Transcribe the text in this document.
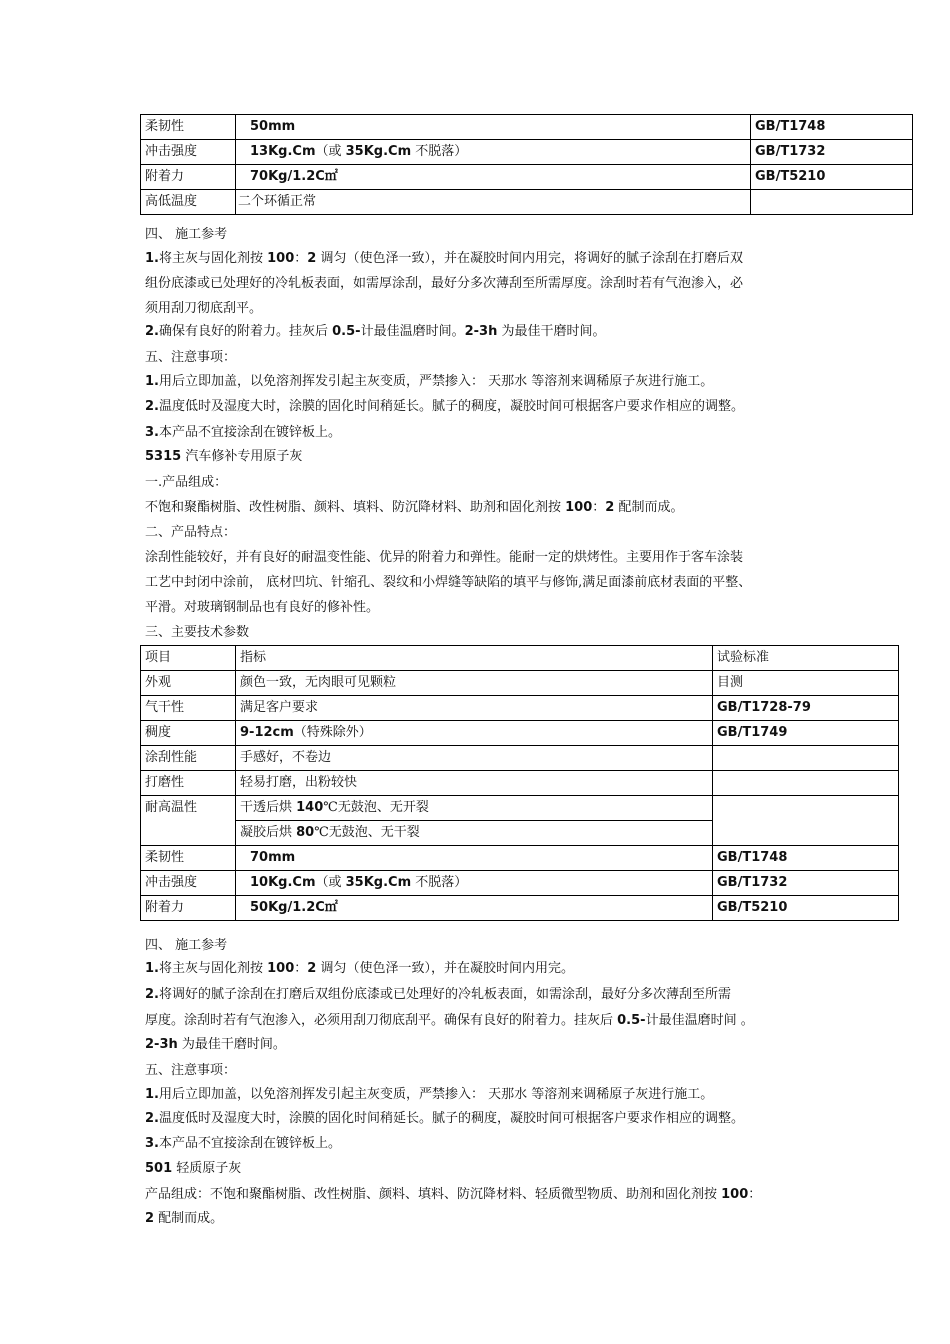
柔韧性	50mm	GB/T1748
冲击强度	13Kg.Cm（或 35Kg.Cm 不脱落）	GB/T1732
附着力	70Kg/1.2C㎡	GB/T5210
高低温度	二个环循正常	
四、 施工参考
1.将主灰与固化剂按 100：2 调匀（使色泽一致），并在凝胶时间内用完，将调好的腻子涂刮在打磨后双
组份底漆或已处理好的冷轧板表面，如需厚涂刮，最好分多次薄刮至所需厚度。涂刮时若有气泡渗入，必
须用刮刀彻底刮平。
2.确保有良好的附着力。挂灰后 0.5-计最佳温磨时间。2-3h 为最佳干磨时间。
五、注意事项：
1.用后立即加盖，以免溶剂挥发引起主灰变质，严禁掺入： 天那水 等溶剂来调稀原子灰进行施工。
2.温度低时及湿度大时，涂膜的固化时间稍延长。腻子的稠度，凝胶时间可根据客户要求作相应的调整。
3.本产品不宜接涂刮在镀锌板上。
5315 汽车修补专用原子灰
一.产品组成：
不饱和聚酯树脂、改性树脂、颜料、填料、防沉降材料、助剂和固化剂按 100：2 配制而成。
二、产品特点：
涂刮性能较好，并有良好的耐温变性能、优异的附着力和弹性。能耐一定的烘烤性。主要用作于客车涂装
工艺中封闭中涂前， 底材凹坑、针缩孔、裂纹和小焊缝等缺陷的填平与修饰,满足面漆前底材表面的平整、
平滑。对玻璃钢制品也有良好的修补性。
三、主要技术参数
项目	指标	试验标准
外观	颜色一致，无肉眼可见颗粒	目测
气干性	满足客户要求	GB/T1728-79
稠度	9-12cm（特殊除外）	GB/T1749
涂刮性能	手感好，不卷边	
打磨性	轻易打磨，出粉较快	
耐高温性	干透后烘 140℃无鼓泡、无开裂	
	凝胶后烘 80℃无鼓泡、无干裂	
柔韧性	70mm	GB/T1748
冲击强度	10Kg.Cm（或 35Kg.Cm 不脱落）	GB/T1732
附着力	50Kg/1.2C㎡	GB/T5210
四、 施工参考
1.将主灰与固化剂按 100：2 调匀（使色泽一致），并在凝胶时间内用完。
2.将调好的腻子涂刮在打磨后双组份底漆或已处理好的冷轧板表面，如需涂刮，最好分多次薄刮至所需
厚度。涂刮时若有气泡渗入，必须用刮刀彻底刮平。确保有良好的附着力。挂灰后 0.5-计最佳温磨时间 。
2-3h 为最佳干磨时间。
五、注意事项：
1.用后立即加盖，以免溶剂挥发引起主灰变质，严禁掺入： 天那水 等溶剂来调稀原子灰进行施工。
2.温度低时及湿度大时，涂膜的固化时间稍延长。腻子的稠度，凝胶时间可根据客户要求作相应的调整。
3.本产品不宜接涂刮在镀锌板上。
501 轻质原子灰
产品组成：不饱和聚酯树脂、改性树脂、颜料、填料、防沉降材料、轻质微型物质、助剂和固化剂按 100：
2 配制而成。
